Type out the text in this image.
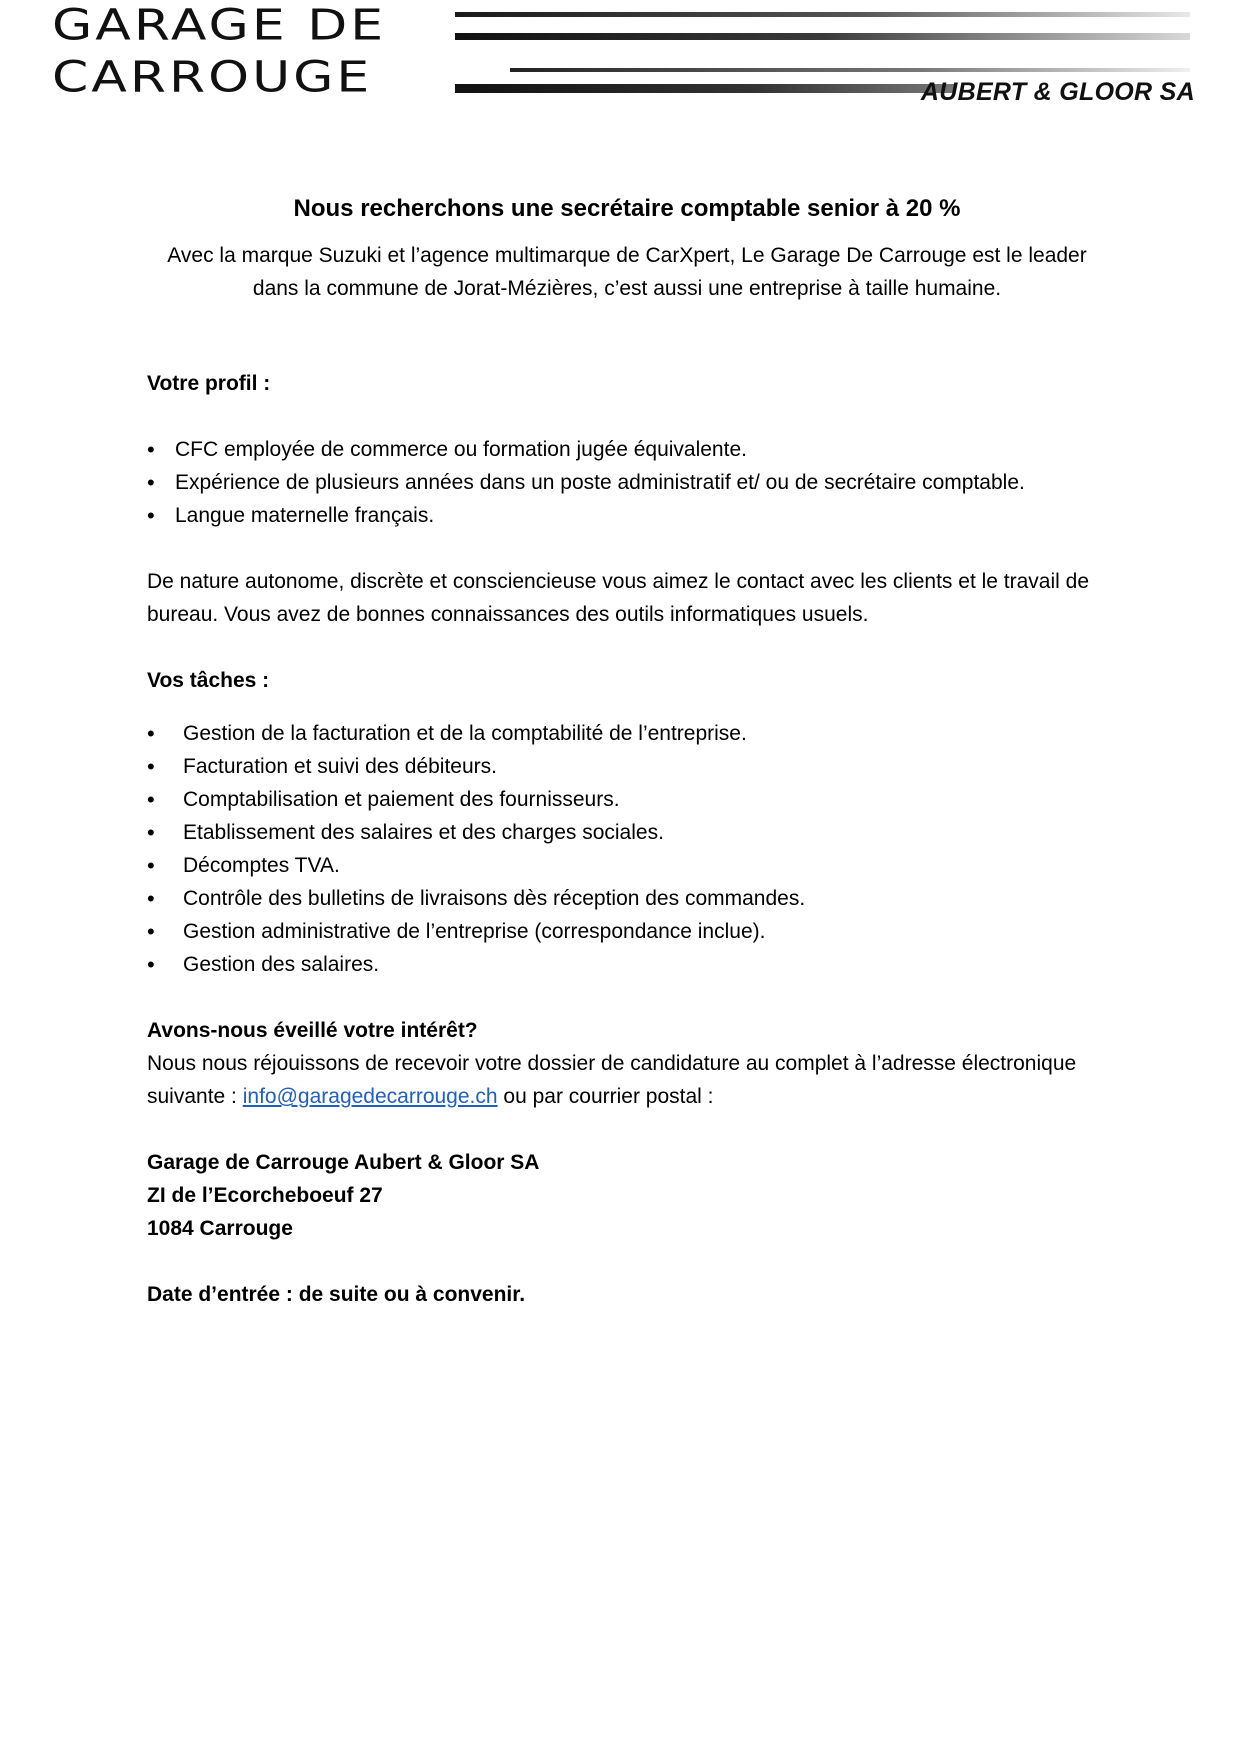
GARAGE DE
CARROUGE	AUBERT & GLOOR SA
Nous recherchons une secrétaire comptable senior à 20 %

Avec la marque Suzuki et l’agence multimarque de CarXpert, Le Garage De Carrouge est le leader dans la commune de Jorat-Mézières, c’est aussi une entreprise à taille humaine.

Votre profil :

• CFC employée de commerce ou formation jugée équivalente.
• Expérience de plusieurs années dans un poste administratif et/ ou de secrétaire comptable.
• Langue maternelle français.

De nature autonome, discrète et consciencieuse vous aimez le contact avec les clients et le travail de bureau. Vous avez de bonnes connaissances des outils informatiques usuels.

Vos tâches :

• Gestion de la facturation et de la comptabilité de l’entreprise.
• Facturation et suivi des débiteurs.
• Comptabilisation et paiement des fournisseurs.
• Etablissement des salaires et des charges sociales.
• Décomptes TVA.
• Contrôle des bulletins de livraisons dès réception des commandes.
• Gestion administrative de l’entreprise (correspondance inclue).
• Gestion des salaires.

Avons-nous éveillé votre intérêt?

Nous nous réjouissons de recevoir votre dossier de candidature au complet à l’adresse électronique suivante : info@garagedecarrouge.ch ou par courrier postal :

Garage de Carrouge Aubert & Gloor SA

ZI de l’Ecorcheboeuf 27

1084 Carrouge

Date d’entrée : de suite ou à convenir.
